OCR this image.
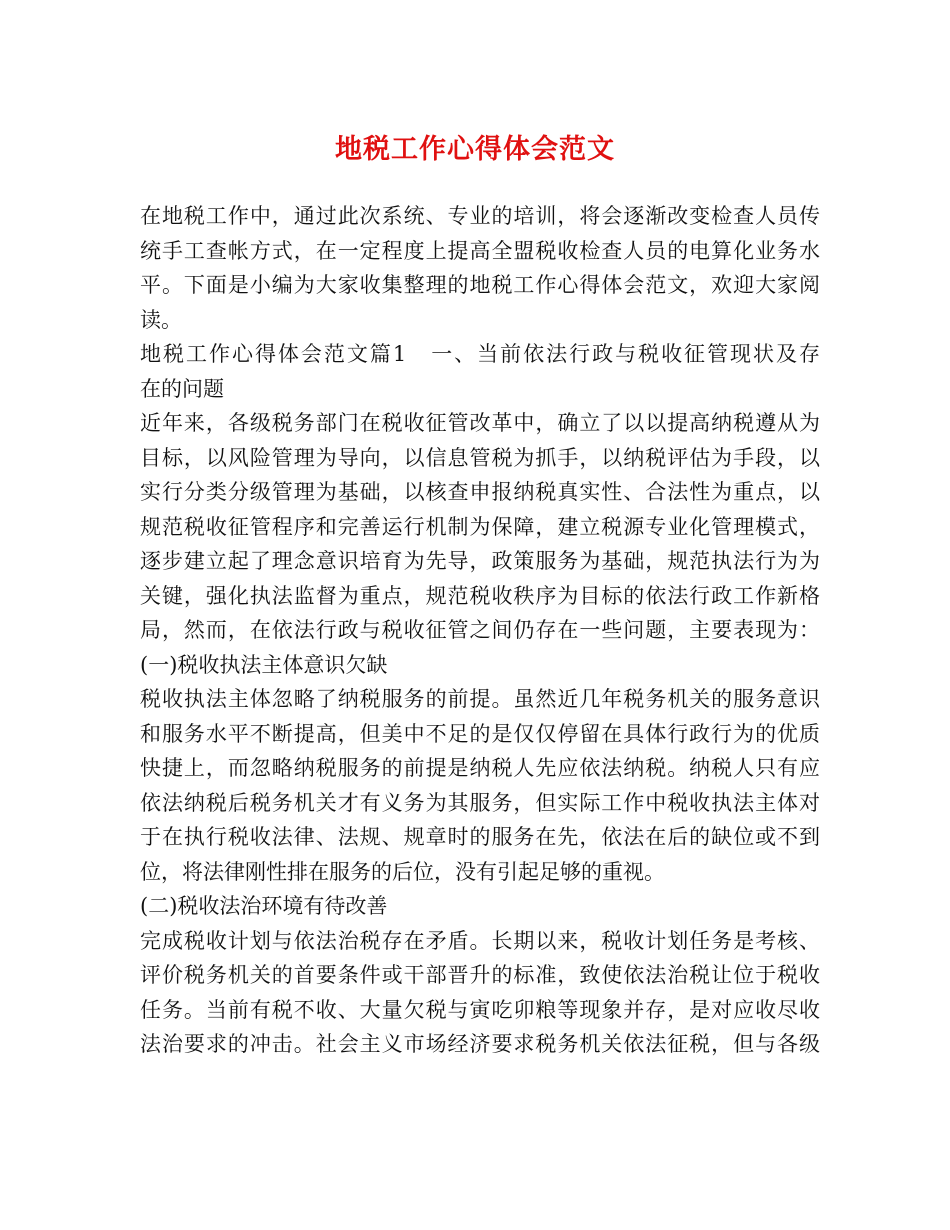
地税工作心得体会范文
在地税工作中，通过此次系统、专业的培训，将会逐渐改变检查人员传
统手工查帐方式，在一定程度上提高全盟税收检查人员的电算化业务水
平。下面是小编为大家收集整理的地税工作心得体会范文，欢迎大家阅
读。
地税工作心得体会范文篇1　一、当前依法行政与税收征管现状及存
在的问题
近年来，各级税务部门在税收征管改革中，确立了以以提高纳税遵从为
目标，以风险管理为导向，以信息管税为抓手，以纳税评估为手段，以
实行分类分级管理为基础，以核查申报纳税真实性、合法性为重点，以
规范税收征管程序和完善运行机制为保障，建立税源专业化管理模式，
逐步建立起了理念意识培育为先导，政策服务为基础，规范执法行为为
关键，强化执法监督为重点，规范税收秩序为目标的依法行政工作新格
局，然而，在依法行政与税收征管之间仍存在一些问题，主要表现为：
(一)税收执法主体意识欠缺
税收执法主体忽略了纳税服务的前提。虽然近几年税务机关的服务意识
和服务水平不断提高，但美中不足的是仅仅停留在具体行政行为的优质
快捷上，而忽略纳税服务的前提是纳税人先应依法纳税。纳税人只有应
依法纳税后税务机关才有义务为其服务，但实际工作中税收执法主体对
于在执行税收法律、法规、规章时的服务在先，依法在后的缺位或不到
位，将法律刚性排在服务的后位，没有引起足够的重视。
(二)税收法治环境有待改善
完成税收计划与依法治税存在矛盾。长期以来，税收计划任务是考核、
评价税务机关的首要条件或干部晋升的标准，致使依法治税让位于税收
任务。当前有税不收、大量欠税与寅吃卯粮等现象并存，是对应收尽收
法治要求的冲击。社会主义市场经济要求税务机关依法征税，但与各级
